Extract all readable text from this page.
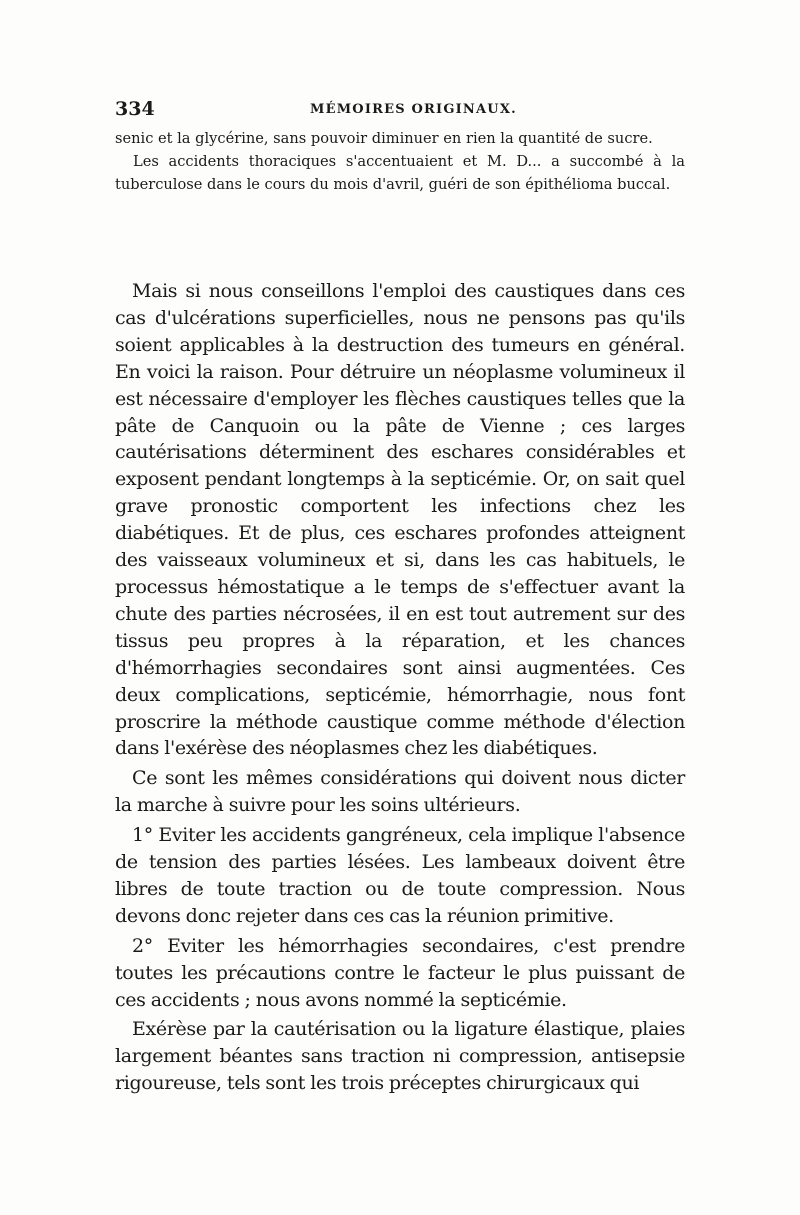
334	MÉMOIRES ORIGINAUX.

senic et la glycérine, sans pouvoir diminuer en rien la quantité de sucre.

Les accidents thoraciques s'accentuaient et M. D... a succombé à la tuberculose dans le cours du mois d'avril, guéri de son épithélioma buccal.

Mais si nous conseillons l'emploi des caustiques dans ces cas d'ulcérations superficielles, nous ne pensons pas qu'ils soient applicables à la destruction des tumeurs en général. En voici la raison. Pour détruire un néoplasme volumineux il est nécessaire d'employer les flèches caustiques telles que la pâte de Canquoin ou la pâte de Vienne ; ces larges cautérisations déterminent des eschares considérables et exposent pendant longtemps à la septicémie. Or, on sait quel grave pronostic comportent les infections chez les diabétiques. Et de plus, ces eschares profondes atteignent des vaisseaux volumineux et si, dans les cas habituels, le processus hémostatique a le temps de s'effectuer avant la chute des parties nécrosées, il en est tout autrement sur des tissus peu propres à la réparation, et les chances d'hémorrhagies secondaires sont ainsi augmentées. Ces deux complications, septicémie, hémorrhagie, nous font proscrire la méthode caustique comme méthode d'élection dans l'exérèse des néoplasmes chez les diabétiques.

Ce sont les mêmes considérations qui doivent nous dicter la marche à suivre pour les soins ultérieurs.

1° Eviter les accidents gangréneux, cela implique l'absence de tension des parties lésées. Les lambeaux doivent être libres de toute traction ou de toute compression. Nous devons donc rejeter dans ces cas la réunion primitive.

2° Eviter les hémorrhagies secondaires, c'est prendre toutes les précautions contre le facteur le plus puissant de ces accidents ; nous avons nommé la septicémie.

Exérèse par la cautérisation ou la ligature élastique, plaies largement béantes sans traction ni compression, antisepsie rigoureuse, tels sont les trois préceptes chirurgicaux qui
